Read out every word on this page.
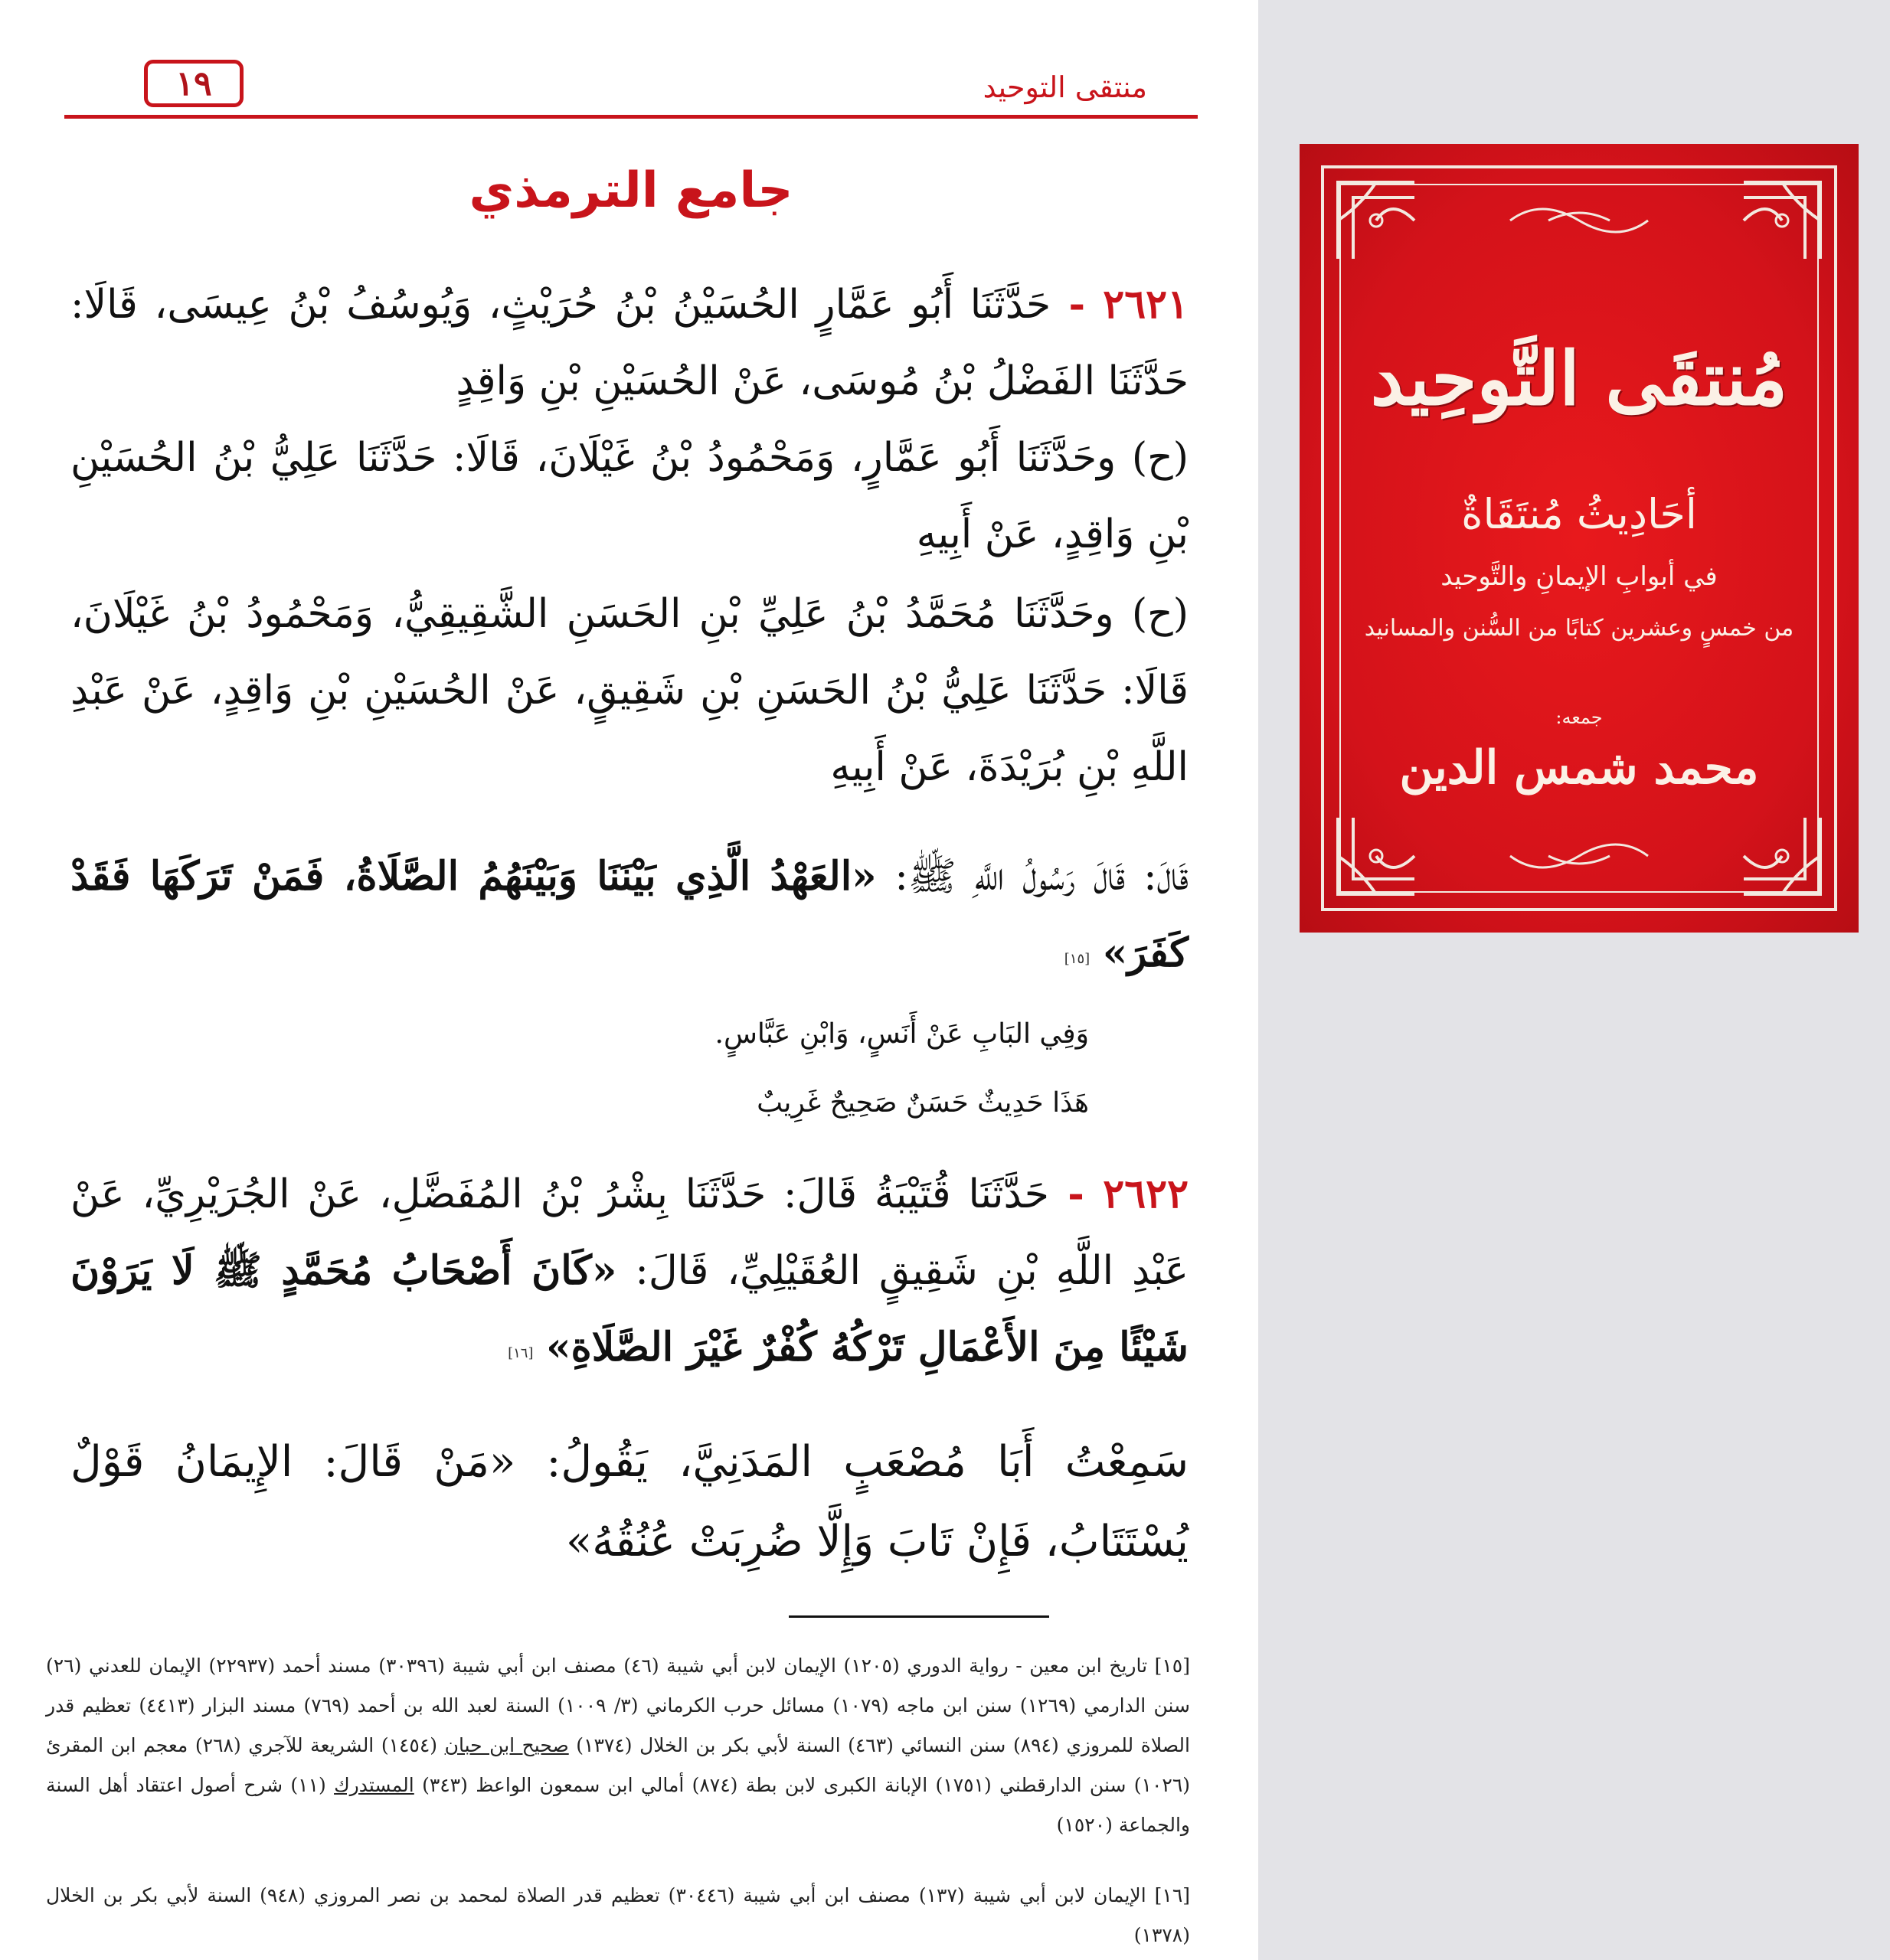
منتقى التوحيد
١٩
جامع الترمذي
٢٦٢١ - حَدَّثَنَا أَبُو عَمَّارٍ الحُسَيْنُ بْنُ حُرَيْثٍ، وَيُوسُفُ بْنُ عِيسَى، قَالَا: حَدَّثَنَا الفَضْلُ بْنُ مُوسَى، عَنْ الحُسَيْنِ بْنِ وَاقِدٍ
(ح) وحَدَّثَنَا أَبُو عَمَّارٍ، وَمَحْمُودُ بْنُ غَيْلَانَ، قَالَا: حَدَّثَنَا عَلِيُّ بْنُ الحُسَيْنِ بْنِ وَاقِدٍ، عَنْ أَبِيهِ
(ح) وحَدَّثَنَا مُحَمَّدُ بْنُ عَلِيِّ بْنِ الحَسَنِ الشَّقِيقِيُّ، وَمَحْمُودُ بْنُ غَيْلَانَ، قَالَا: حَدَّثَنَا عَلِيُّ بْنُ الحَسَنِ بْنِ شَقِيقٍ، عَنْ الحُسَيْنِ بْنِ وَاقِدٍ، عَنْ عَبْدِ اللَّهِ بْنِ بُرَيْدَةَ، عَنْ أَبِيهِ
قَالَ: قَالَ رَسُولُ اللَّهِ ﷺ: «العَهْدُ الَّذِي بَيْنَنَا وَبَيْنَهُمُ الصَّلَاةُ، فَمَنْ تَرَكَهَا فَقَدْ كَفَرَ» [١٥]
وَفِي البَابِ عَنْ أَنَسٍ، وَابْنِ عَبَّاسٍ.
هَذَا حَدِيثٌ حَسَنٌ صَحِيحٌ غَرِيبٌ
٢٦٢٢ - حَدَّثَنَا قُتَيْبَةُ قَالَ: حَدَّثَنَا بِشْرُ بْنُ المُفَضَّلِ، عَنْ الجُرَيْرِيِّ، عَنْ عَبْدِ اللَّهِ بْنِ شَقِيقٍ العُقَيْلِيِّ، قَالَ: «كَانَ أَصْحَابُ مُحَمَّدٍ ﷺ لَا يَرَوْنَ شَيْئًا مِنَ الأَعْمَالِ تَرْكُهُ كُفْرٌ غَيْرَ الصَّلَاةِ» [١٦]
سَمِعْتُ أَبَا مُصْعَبٍ المَدَنِيَّ، يَقُولُ: «مَنْ قَالَ: الإِيمَانُ قَوْلٌ يُسْتَتَابُ، فَإِنْ تَابَ وَإِلَّا ضُرِبَتْ عُنُقُهُ»
[١٥] تاريخ ابن معين - رواية الدوري (١٢٠٥) الإيمان لابن أبي شيبة (٤٦) مصنف ابن أبي شيبة (٣٠٣٩٦) مسند أحمد (٢٢٩٣٧) الإيمان للعدني (٢٦) سنن الدارمي (١٢٦٩) سنن ابن ماجه (١٠٧٩) مسائل حرب الكرماني (٣/ ١٠٠٩) السنة لعبد الله بن أحمد (٧٦٩) مسند البزار (٤٤١٣) تعظيم قدر الصلاة للمروزي (٨٩٤) سنن النسائي (٤٦٣) السنة لأبي بكر بن الخلال (١٣٧٤) صحيح ابن حبان (١٤٥٤) الشريعة للآجري (٢٦٨) معجم ابن المقرئ (١٠٢٦) سنن الدارقطني (١٧٥١) الإبانة الكبرى لابن بطة (٨٧٤) أمالي ابن سمعون الواعظ (٣٤٣) المستدرك (١١) شرح أصول اعتقاد أهل السنة والجماعة (١٥٢٠)
[١٦] الإيمان لابن أبي شيبة (١٣٧) مصنف ابن أبي شيبة (٣٠٤٤٦) تعظيم قدر الصلاة لمحمد بن نصر المروزي (٩٤٨) السنة لأبي بكر بن الخلال (١٣٧٨)
مُنتقَى التَّوحِيد
أحَادِيثُ مُنتَقَاةٌ
في أبوابِ الإيمانِ والتَّوحيد
من خمسٍ وعشرين كتابًا من السُّنن والمسانيد
جمعه:
محمد شمس الدين
